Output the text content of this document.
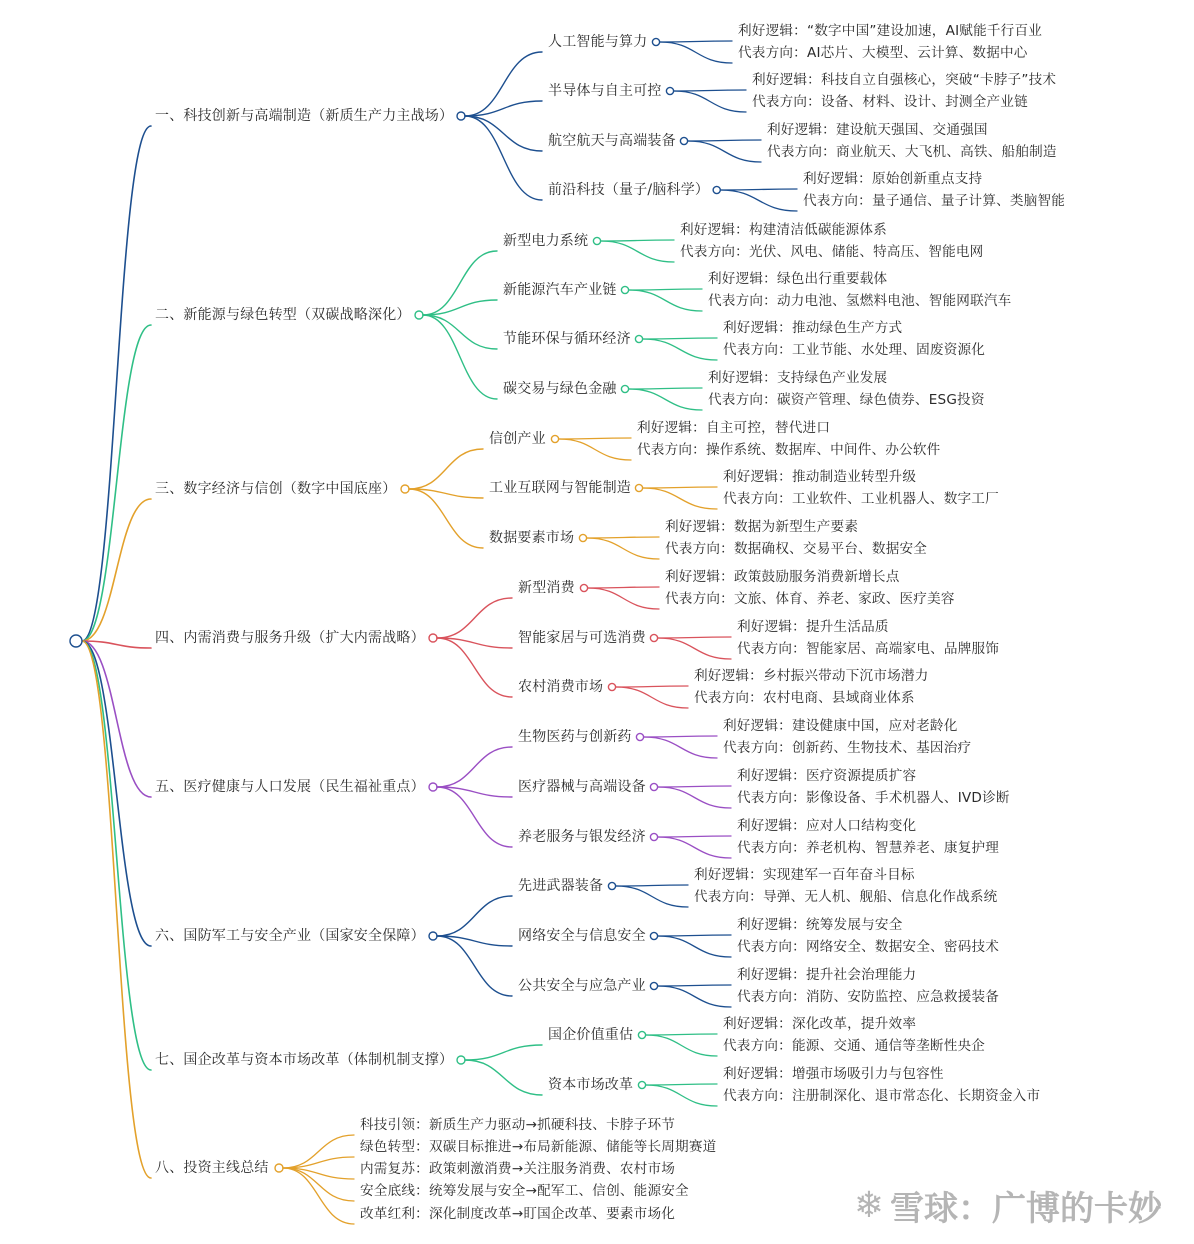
一、科技创新与高端制造（新质生产力主战场）
人工智能与算力
利好逻辑：“数字中国”建设加速，AI赋能千行百业
代表方向：AI芯片、大模型、云计算、数据中心
半导体与自主可控
利好逻辑：科技自立自强核心，突破“卡脖子”技术
代表方向：设备、材料、设计、封测全产业链
航空航天与高端装备
利好逻辑：建设航天强国、交通强国
代表方向：商业航天、大飞机、高铁、船舶制造
前沿科技（量子/脑科学）
利好逻辑：原始创新重点支持
代表方向：量子通信、量子计算、类脑智能
二、新能源与绿色转型（双碳战略深化）
新型电力系统
利好逻辑：构建清洁低碳能源体系
代表方向：光伏、风电、储能、特高压、智能电网
新能源汽车产业链
利好逻辑：绿色出行重要载体
代表方向：动力电池、氢燃料电池、智能网联汽车
节能环保与循环经济
利好逻辑：推动绿色生产方式
代表方向：工业节能、水处理、固废资源化
碳交易与绿色金融
利好逻辑：支持绿色产业发展
代表方向：碳资产管理、绿色债券、ESG投资
三、数字经济与信创（数字中国底座）
信创产业
利好逻辑：自主可控，替代进口
代表方向：操作系统、数据库、中间件、办公软件
工业互联网与智能制造
利好逻辑：推动制造业转型升级
代表方向：工业软件、工业机器人、数字工厂
数据要素市场
利好逻辑：数据为新型生产要素
代表方向：数据确权、交易平台、数据安全
四、内需消费与服务升级（扩大内需战略）
新型消费
利好逻辑：政策鼓励服务消费新增长点
代表方向：文旅、体育、养老、家政、医疗美容
智能家居与可选消费
利好逻辑：提升生活品质
代表方向：智能家居、高端家电、品牌服饰
农村消费市场
利好逻辑：乡村振兴带动下沉市场潜力
代表方向：农村电商、县域商业体系
五、医疗健康与人口发展（民生福祉重点）
生物医药与创新药
利好逻辑：建设健康中国，应对老龄化
代表方向：创新药、生物技术、基因治疗
医疗器械与高端设备
利好逻辑：医疗资源提质扩容
代表方向：影像设备、手术机器人、IVD诊断
养老服务与银发经济
利好逻辑：应对人口结构变化
代表方向：养老机构、智慧养老、康复护理
六、国防军工与安全产业（国家安全保障）
先进武器装备
利好逻辑：实现建军一百年奋斗目标
代表方向：导弹、无人机、舰船、信息化作战系统
网络安全与信息安全
利好逻辑：统筹发展与安全
代表方向：网络安全、数据安全、密码技术
公共安全与应急产业
利好逻辑：提升社会治理能力
代表方向：消防、安防监控、应急救援装备
七、国企改革与资本市场改革（体制机制支撑）
国企价值重估
利好逻辑：深化改革，提升效率
代表方向：能源、交通、通信等垄断性央企
资本市场改革
利好逻辑：增强市场吸引力与包容性
代表方向：注册制深化、退市常态化、长期资金入市
八、投资主线总结
科技引领：新质生产力驱动→抓硬科技、卡脖子环节
绿色转型：双碳目标推进→布局新能源、储能等长周期赛道
内需复苏：政策刺激消费→关注服务消费、农村市场
安全底线：统筹发展与安全→配军工、信创、能源安全
改革红利：深化制度改革→盯国企改革、要素市场化	❄ 雪球：广博的卡妙
